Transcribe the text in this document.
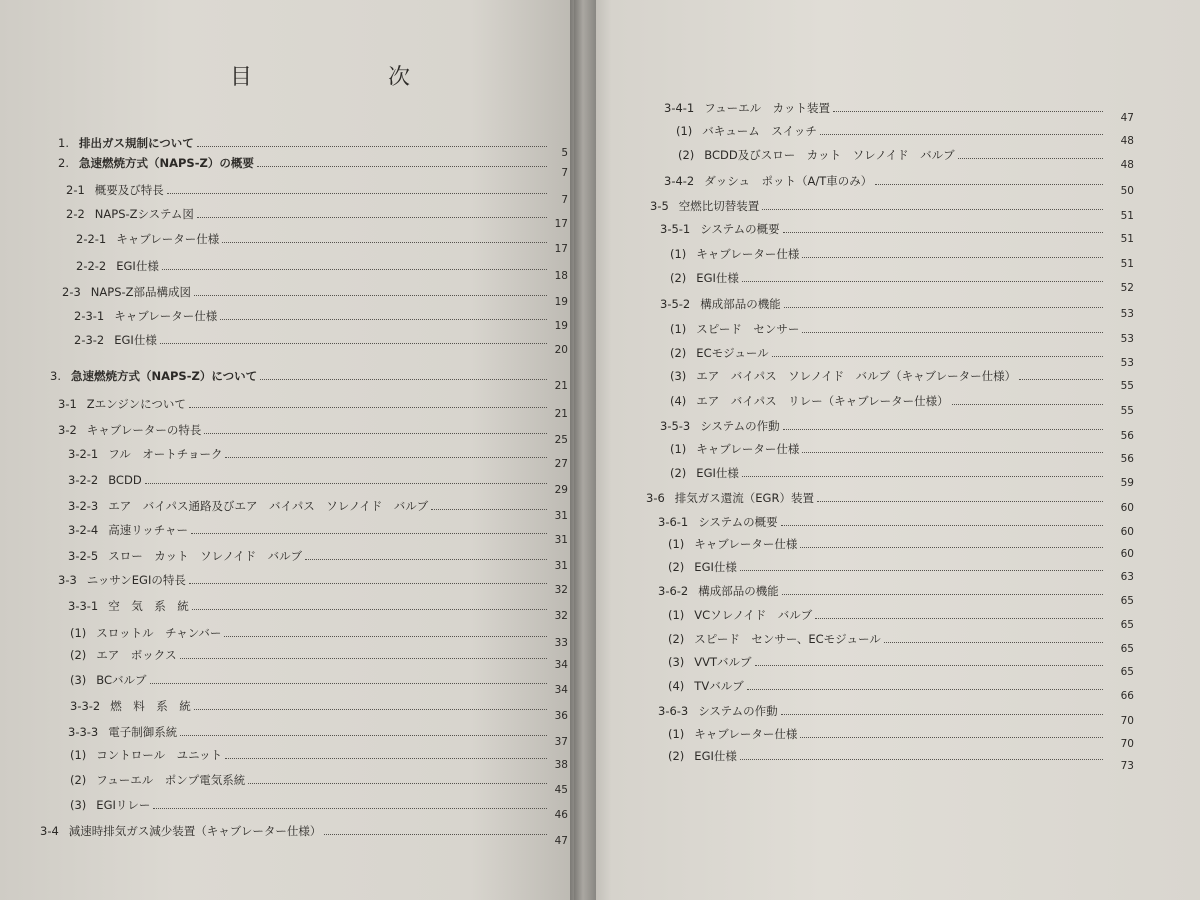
目	次
1. 排出ガス規制について
5
2. 急速燃焼方式（NAPS-Z）の概要
7
2-1 概要及び特長
7
2-2 NAPS-Zシステム図
17
2-2-1 キャブレーター仕様
17
2-2-2 EGI仕様
18
2-3 NAPS-Z部品構成図
19
2-3-1 キャブレーター仕様
19
2-3-2 EGI仕様
20
3. 急速燃焼方式（NAPS-Z）について
21
3-1 Zエンジンについて
21
3-2 キャブレーターの特長
25
3-2-1 フル　オートチョーク
27
3-2-2 BCDD
29
3-2-3 エア　バイパス通路及びエア　バイパス　ソレノイド　バルブ
31
3-2-4 高速リッチャー
31
3-2-5 スロー　カット　ソレノイド　バルブ
31
3-3 ニッサンEGIの特長
32
3-3-1 空　気　系　統
32
(1) スロットル　チャンバー
33
(2) エア　ボックス
34
(3) BCバルブ
34
3-3-2 燃　料　系　統
36
3-3-3 電子制御系統
37
(1) コントロール　ユニット
38
(2) フューエル　ポンプ電気系統
45
(3) EGIリレー
46
3-4 減速時排気ガス減少装置（キャブレーター仕様）
47
3-4-1 フューエル　カット装置
47
(1) バキューム　スイッチ
48
(2) BCDD及びスロー　カット　ソレノイド　バルブ
48
3-4-2 ダッシュ　ポット（A/T車のみ）
50
3-5 空燃比切替装置
51
3-5-1 システムの概要
51
(1) キャブレーター仕様
51
(2) EGI仕様
52
3-5-2 構成部品の機能
53
(1) スピード　センサー
53
(2) ECモジュール
53
(3) エア　バイパス　ソレノイド　バルブ（キャブレーター仕様）
55
(4) エア　バイパス　リレー（キャブレーター仕様）
55
3-5-3 システムの作動
56
(1) キャブレーター仕様
56
(2) EGI仕様
59
3-6 排気ガス還流（EGR）装置
60
3-6-1 システムの概要
60
(1) キャブレーター仕様
60
(2) EGI仕様
63
3-6-2 構成部品の機能
65
(1) VCソレノイド　バルブ
65
(2) スピード　センサー、ECモジュール
65
(3) VVTバルブ
65
(4) TVバルブ
66
3-6-3 システムの作動
70
(1) キャブレーター仕様
70
(2) EGI仕様
73
